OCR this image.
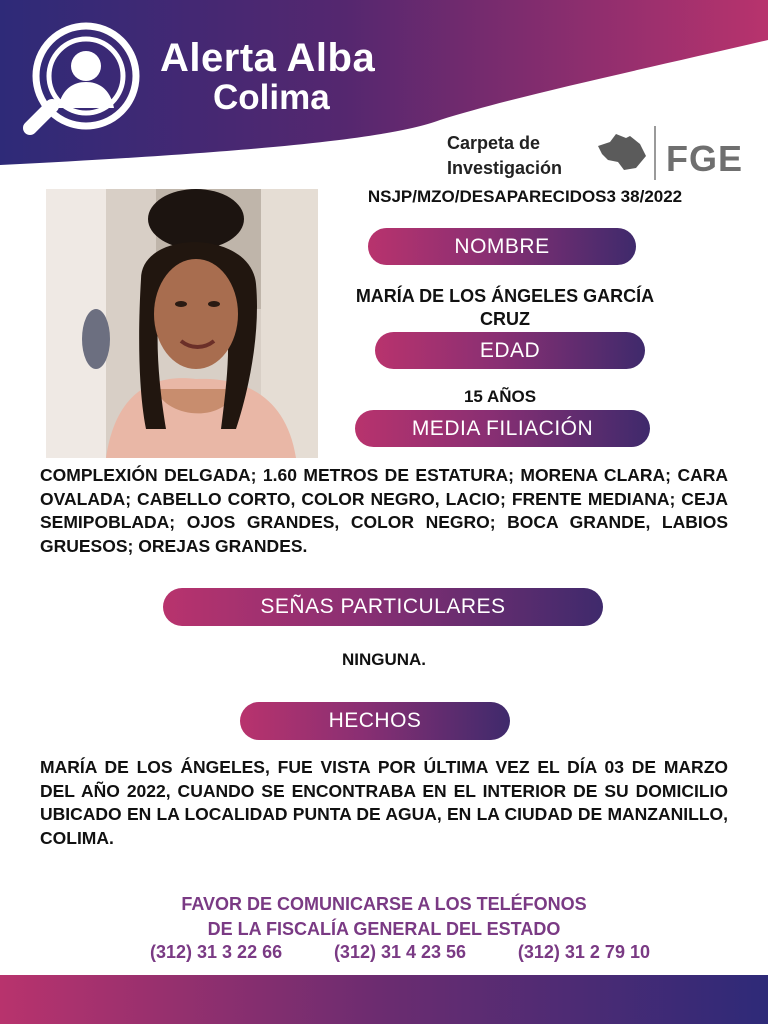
Alerta Alba
Colima
Carpeta de Investigación	FGE
NSJP/MZO/DESAPARECIDOS3 38/2022
NOMBRE
MARÍA DE LOS ÁNGELES GARCÍA CRUZ
EDAD
15 AÑOS
MEDIA FILIACIÓN
COMPLEXIÓN DELGADA; 1.60 METROS DE ESTATURA; MORENA CLARA; CARA OVALADA; CABELLO CORTO, COLOR NEGRO, LACIO; FRENTE MEDIANA; CEJA SEMIPOBLADA; OJOS GRANDES, COLOR NEGRO; BOCA GRANDE, LABIOS GRUESOS; OREJAS GRANDES.
SEÑAS PARTICULARES
NINGUNA.
HECHOS
MARÍA DE LOS ÁNGELES, FUE VISTA POR ÚLTIMA VEZ EL DÍA 03 DE MARZO DEL AÑO 2022, CUANDO SE ENCONTRABA EN EL INTERIOR DE SU DOMICILIO UBICADO EN LA LOCALIDAD PUNTA DE AGUA, EN LA CIUDAD DE MANZANILLO, COLIMA.
FAVOR DE COMUNICARSE A LOS TELÉFONOS
DE LA FISCALÍA GENERAL DEL ESTADO
(312) 31 3 22 66	(312) 31 4 23 56	(312) 31 2 79 10
